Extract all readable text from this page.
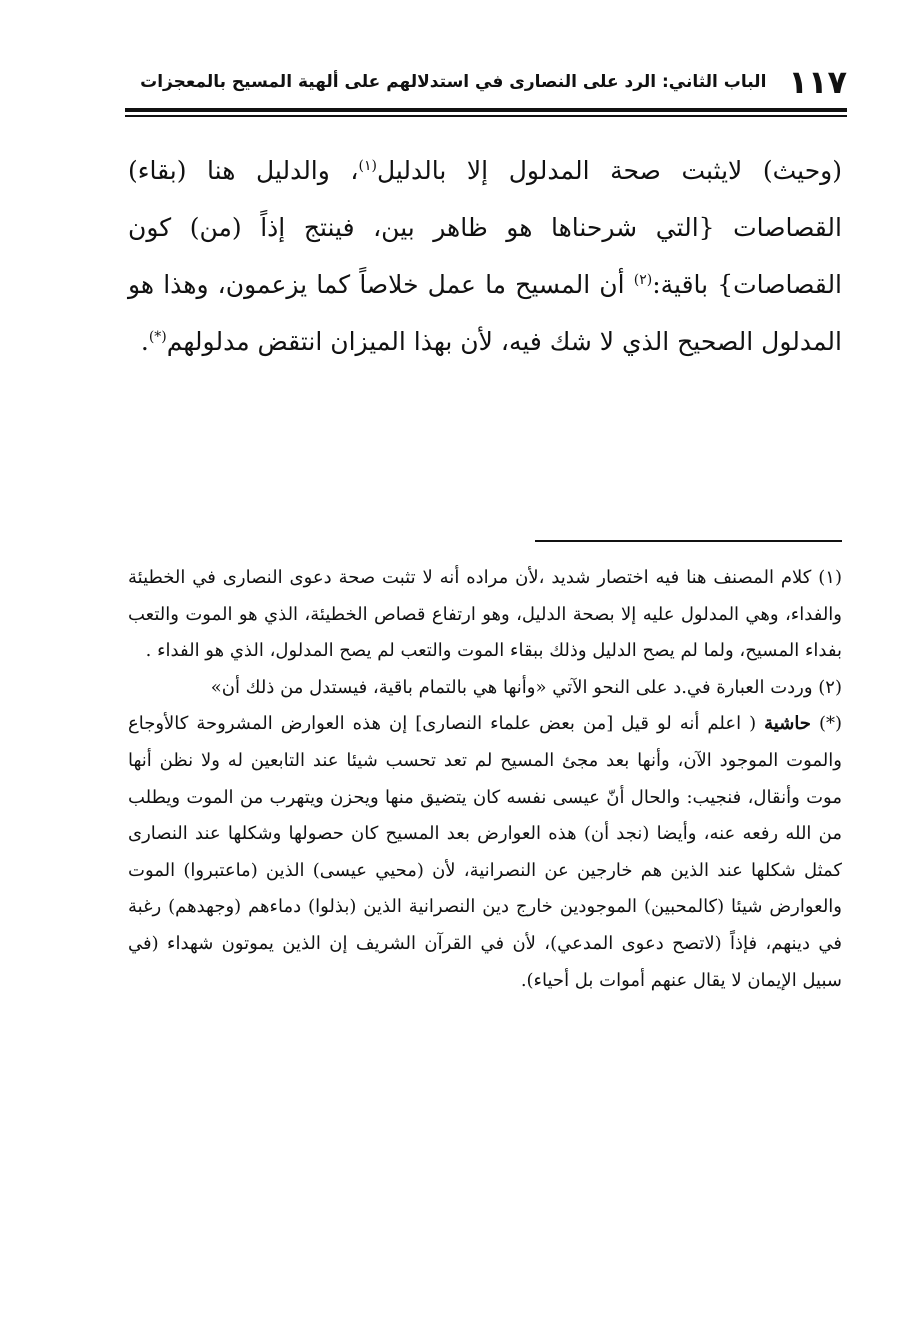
١١٧
الباب الثاني: الرد على النصارى في استدلالهم على ألهية المسيح بالمعجزات

(وحيث) لايثبت صحة المدلول إلا بالدليل$^{(١)}$، والدليل هنا (بقاء) القصاصات {التي شرحناها هو ظاهر بين، فينتج إذاً (من) كون القصاصات} باقية:$^{(٢)}$ أن المسيح ما عمل خلاصاً كما يزعمون، وهذا هو المدلول الصحيح الذي لا شك فيه، لأن بهذا الميزان انتقض مدلولهم(*).

(١) كلام المصنف هنا فيه اختصار شديد ،لأن مراده أنه لا تثبت صحة دعوى النصارى في الخطيئة والفداء، وهي المدلول عليه إلا بصحة الدليل، وهو ارتفاع قصاص الخطيئة، الذي هو الموت والتعب بفداء المسيح، ولما لم يصح الدليل وذلك ببقاء الموت والتعب لم يصح المدلول، الذي هو الفداء .

(٢) وردت العبارة في.د على النحو الآتي «وأنها هي بالتمام باقية، فيستدل من ذلك أن»

(*) حاشية ( اعلم أنه لو قيل [من بعض علماء النصارى] إن هذه العوارض المشروحة كالأوجاع والموت الموجود الآن، وأنها بعد مجئ المسيح لم تعد تحسب شيئا عند التابعين له ولا نظن أنها موت وأنقال، فنجيب: والحال أنّ عيسى نفسه كان يتضيق منها ويحزن ويتهرب من الموت ويطلب من الله رفعه عنه، وأيضا (نجد أن) هذه العوارض بعد المسيح كان حصولها وشكلها عند النصارى كمثل شكلها عند الذين هم خارجين عن النصرانية، لأن (محيي عيسى) الذين (ماعتبروا) الموت والعوارض شيئا (كالمحبين) الموجودين خارج دين النصرانية الذين (بذلوا) دماءهم (وجهدهم) رغبة في دينهم، فإذاً (لاتصح دعوى المدعي)، لأن في القرآن الشريف إن الذين يموتون شهداء (في سبيل الإيمان لا يقال عنهم أموات بل أحياء).
